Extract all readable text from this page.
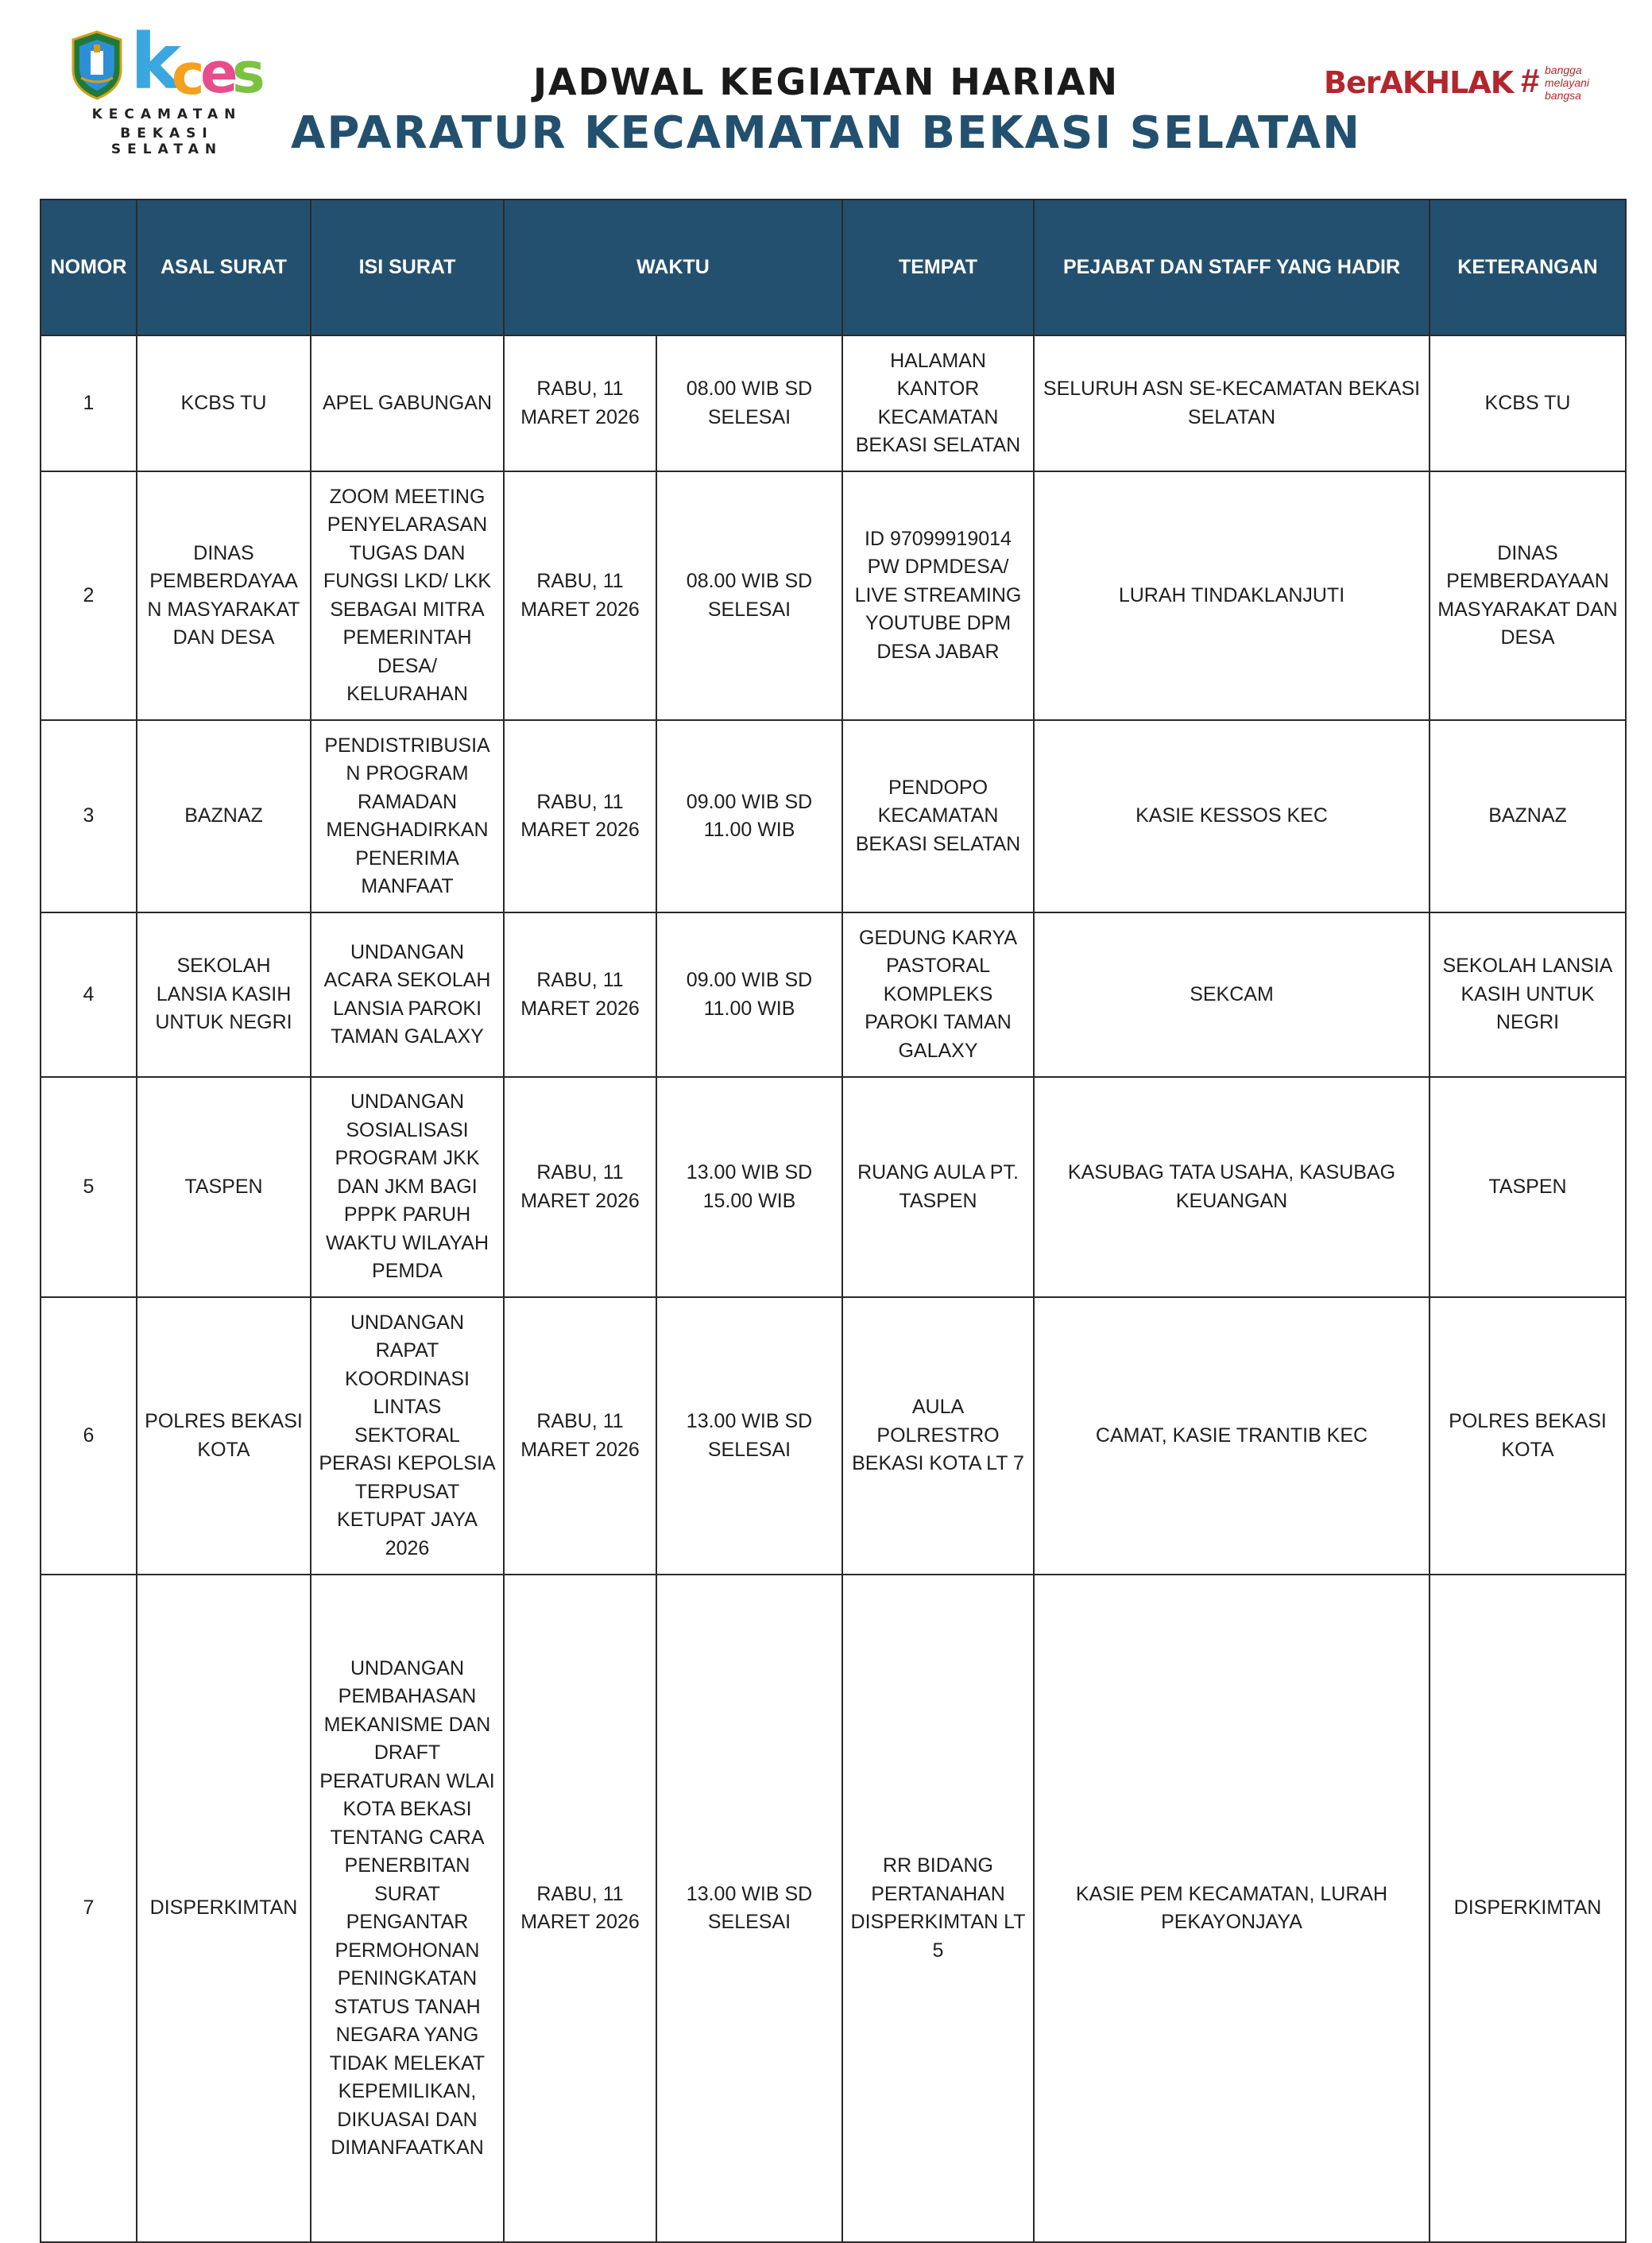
k
c
e
s
KECAMATAN
BEKASI SELATAN
JADWAL KEGIATAN HARIAN
APARATUR KECAMATAN BEKASI SELATAN
BerAKHLAK # bangga
melayani
bangsa
NOMOR	ASAL SURAT	ISI SURAT	WAKTU		TEMPAT	PEJABAT DAN STAFF YANG HADIR	KETERANGAN
1	KCBS TU	APEL GABUNGAN	RABU, 11 MARET 2026	08.00 WIB SD SELESAI	HALAMAN KANTOR KECAMATAN BEKASI SELATAN	SELURUH ASN SE-KECAMATAN BEKASI SELATAN	KCBS TU
2	DINAS PEMBERDAYAAN MASYARAKAT DAN DESA	ZOOM MEETING PENYELARASAN TUGAS DAN FUNGSI LKD/ LKK SEBAGAI MITRA PEMERINTAH DESA/ KELURAHAN	RABU, 11 MARET 2026	08.00 WIB SD SELESAI	ID 97099919014 PW DPMDESA/ LIVE STREAMING YOUTUBE DPM DESA JABAR	LURAH TINDAKLANJUTI	DINAS PEMBERDAYAAN MASYARAKAT DAN DESA
3	BAZNAZ	PENDISTRIBUSIAN PROGRAM RAMADAN MENGHADIRKAN PENERIMA MANFAAT	RABU, 11 MARET 2026	09.00 WIB SD 11.00 WIB	PENDOPO KECAMATAN BEKASI SELATAN	KASIE KESSOS KEC	BAZNAZ
4	SEKOLAH LANSIA KASIH UNTUK NEGRI	UNDANGAN ACARA SEKOLAH LANSIA PAROKI TAMAN GALAXY	RABU, 11 MARET 2026	09.00 WIB SD 11.00 WIB	GEDUNG KARYA PASTORAL KOMPLEKS PAROKI TAMAN GALAXY	SEKCAM	SEKOLAH LANSIA KASIH UNTUK NEGRI
5	TASPEN	UNDANGAN SOSIALISASI PROGRAM JKK DAN JKM BAGI PPPK PARUH WAKTU WILAYAH PEMDA	RABU, 11 MARET 2026	13.00 WIB SD 15.00 WIB	RUANG AULA PT. TASPEN	KASUBAG TATA USAHA, KASUBAG KEUANGAN	TASPEN
6	POLRES BEKASI KOTA	UNDANGAN RAPAT KOORDINASI LINTAS SEKTORAL PERASI KEPOLSIA TERPUSAT KETUPAT JAYA 2026	RABU, 11 MARET 2026	13.00 WIB SD SELESAI	AULA POLRESTRO BEKASI KOTA LT 7	CAMAT, KASIE TRANTIB KEC	POLRES BEKASI KOTA
7	DISPERKIMTAN	UNDANGAN PEMBAHASAN MEKANISME DAN DRAFT PERATURAN WLAI KOTA BEKASI TENTANG CARA PENERBITAN SURAT PENGANTAR PERMOHONAN PENINGKATAN STATUS TANAH NEGARA YANG TIDAK MELEKAT KEPEMILIKAN, DIKUASAI DAN DIMANFAATKAN	RABU, 11 MARET 2026	13.00 WIB SD SELESAI	RR BIDANG PERTANAHAN DISPERKIMTAN LT 5	KASIE PEM KECAMATAN, LURAH PEKAYONJAYA	DISPERKIMTAN
